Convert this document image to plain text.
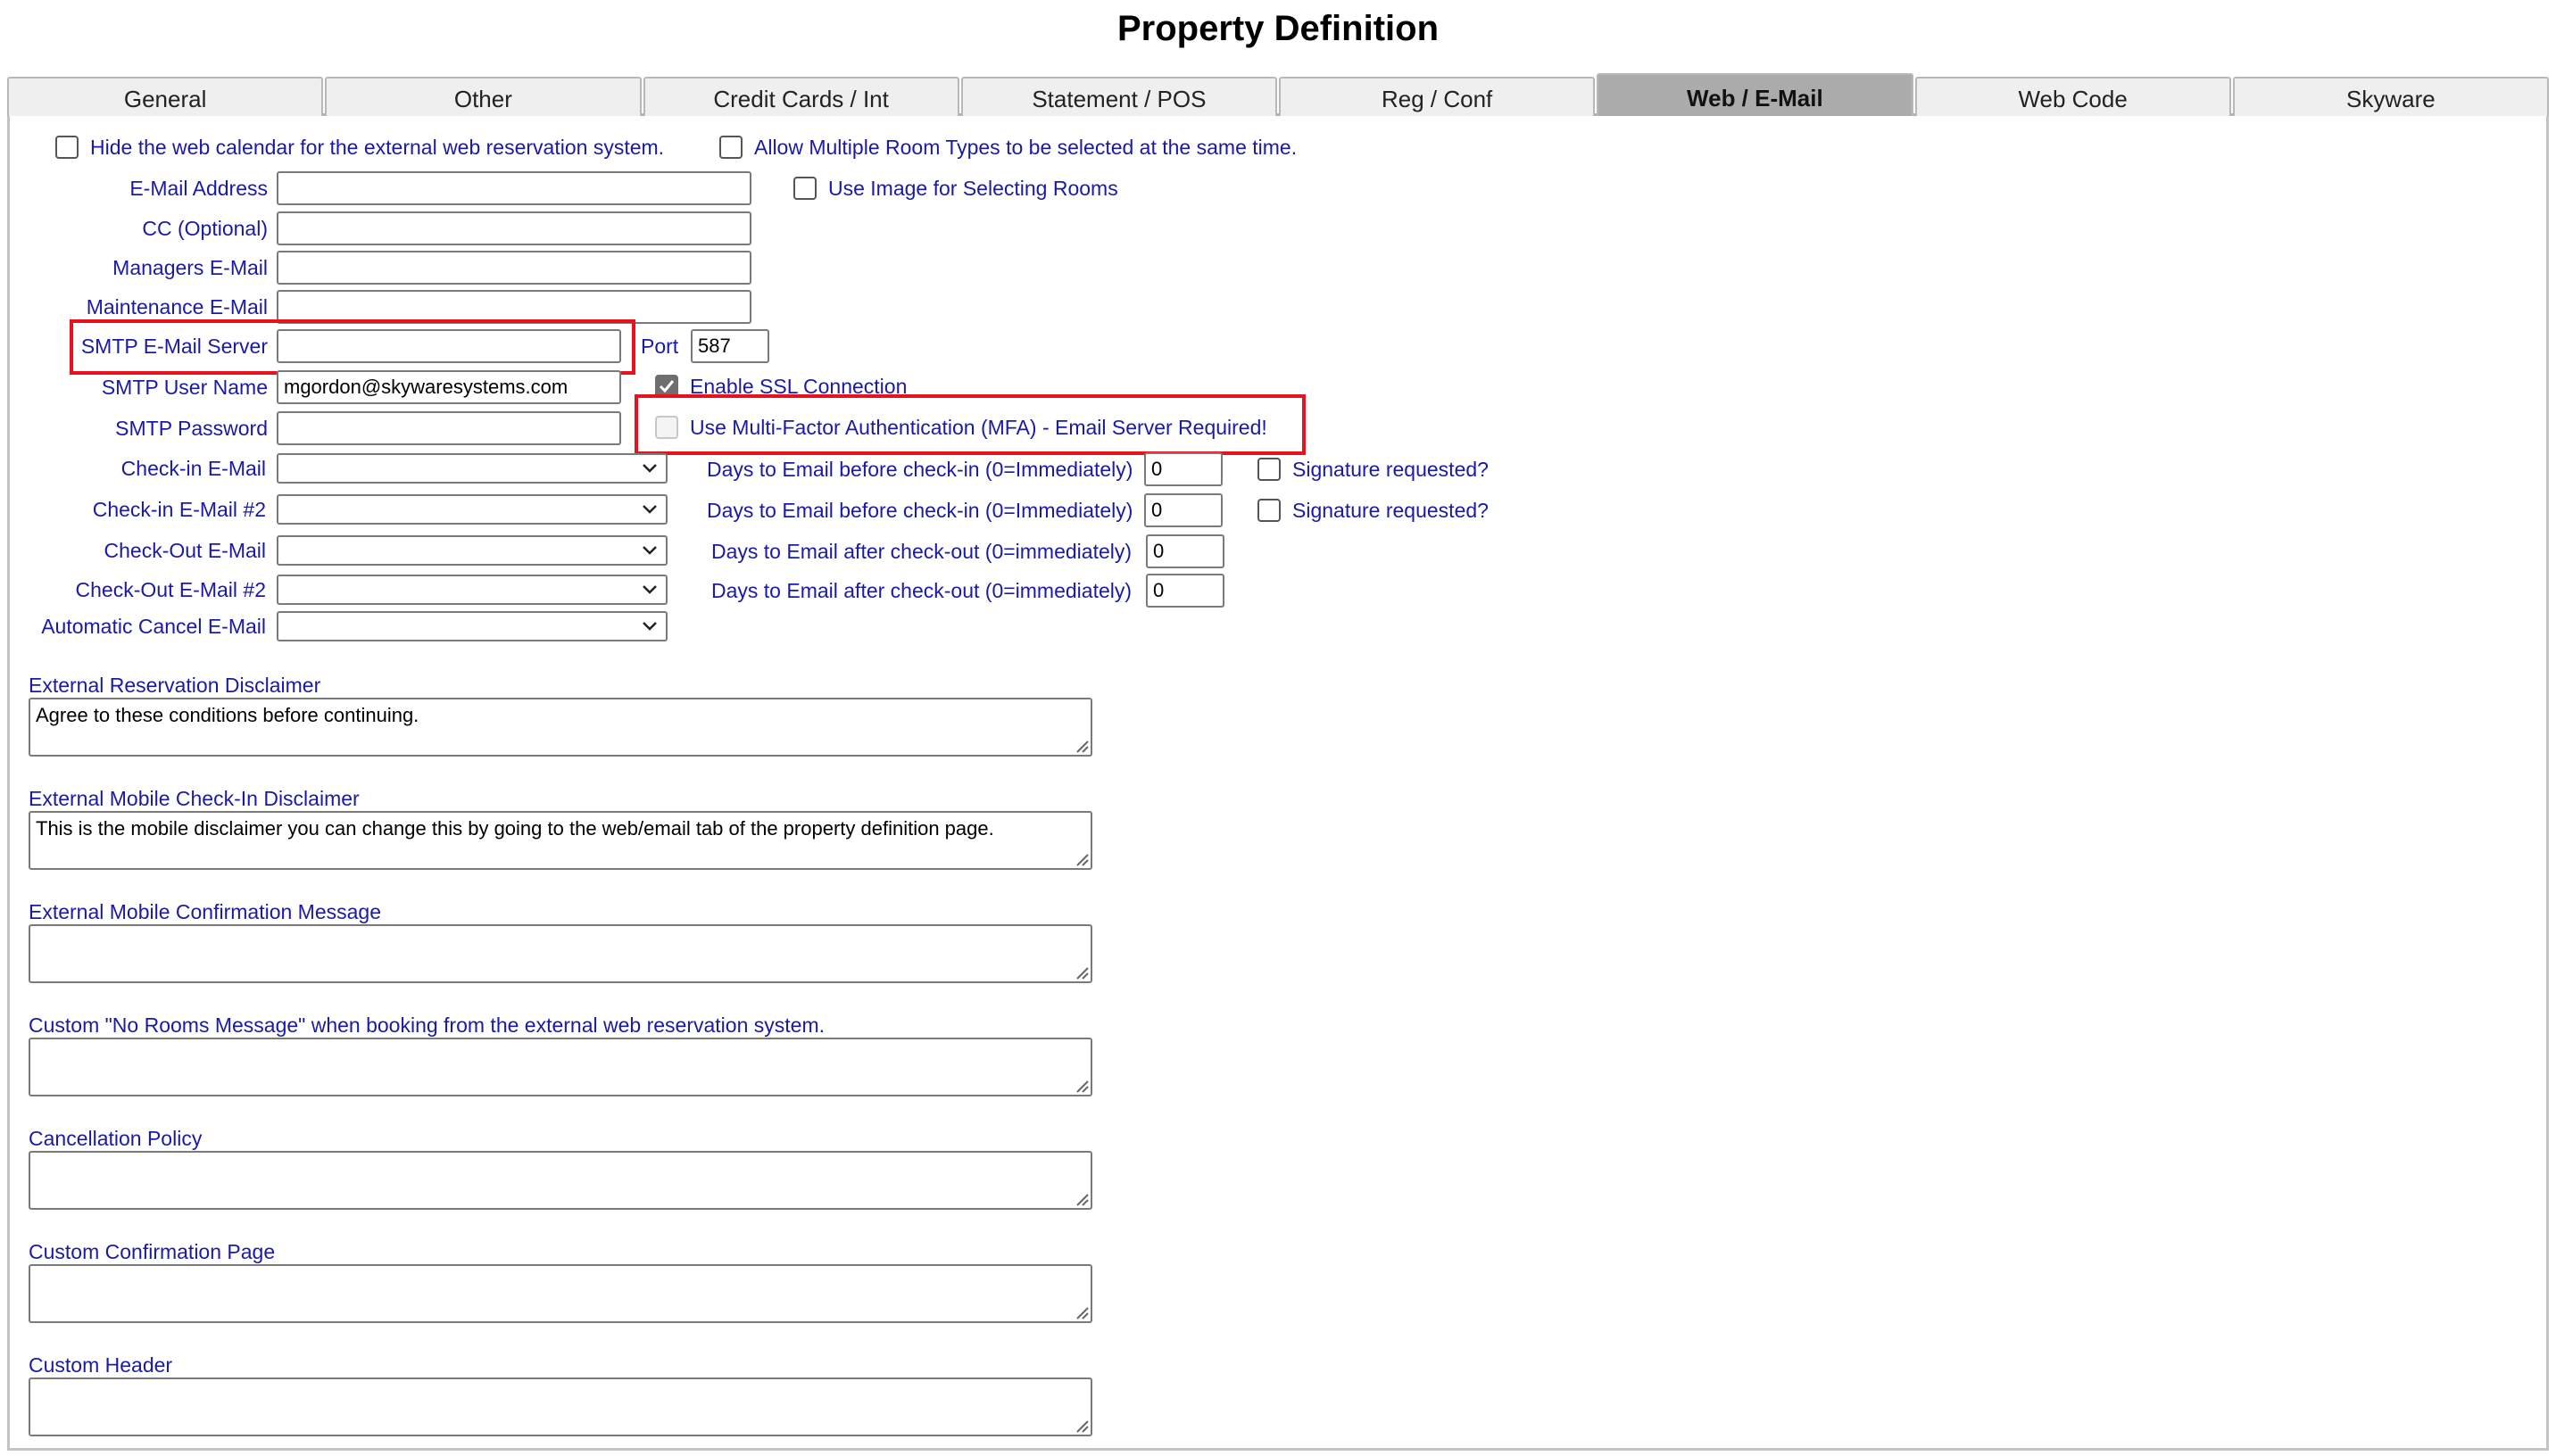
Property Definition
General	Other	Credit Cards / Int	Statement / POS	Reg / Conf	Web / E-Mail	Web Code	Skyware
Hide the web calendar for the external web reservation system.	Allow Multiple Room Types to be selected at the same time.
E-Mail Address	Use Image for Selecting Rooms
CC (Optional)
Managers E-Mail
Maintenance E-Mail
SMTP E-Mail Server	Port 587
SMTP User Name mgordon@skywaresystems.com	Enable SSL Connection
SMTP Password	Use Multi-Factor Authentication (MFA) - Email Server Required!
Check-in E-Mail	Days to Email before check-in (0=Immediately) 0	Signature requested?
Check-in E-Mail #2	Days to Email before check-in (0=Immediately) 0	Signature requested?
Check-Out E-Mail	Days to Email after check-out (0=immediately)	0
Check-Out E-Mail #2	Days to Email after check-out (0=immediately)	0
Automatic Cancel E-Mail
External Reservation Disclaimer
Agree to these conditions before continuing.
External Mobile Check-In Disclaimer
This is the mobile disclaimer you can change this by going to the web/email tab of the property definition page.
External Mobile Confirmation Message
Custom "No Rooms Message" when booking from the external web reservation system.
Cancellation Policy
Custom Confirmation Page
Custom Header
